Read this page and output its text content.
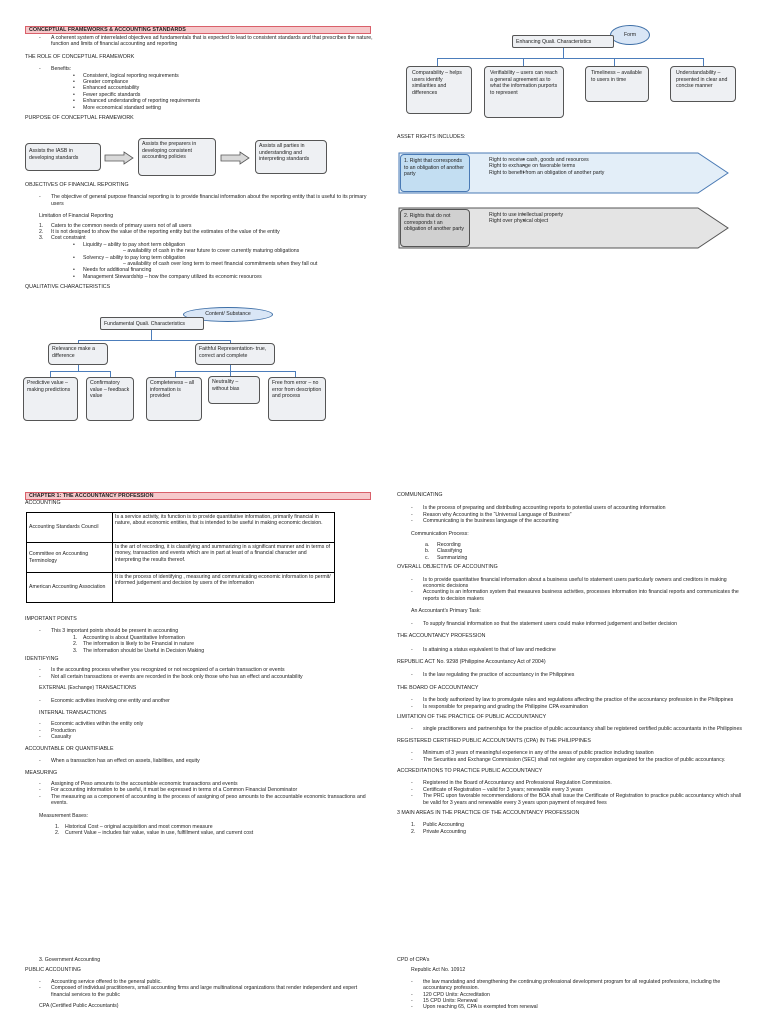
CONCEPTUAL FRAMEWORKS & ACCOUNTING STANDARDS
- A coherent system of interrelated objectives ad fundamentals that is expected to lead to consistent standards and that prescribes the nature, function and limits of financial accounting and reporting
THE ROLE OF CONCEPTUAL FRAMEWORK
- Benefits:
• Consistent, logical reporting requirements
• Greater compliance
• Enhanced accountability
• Fewer specific standards
• Enhanced understanding of reporting requirements
• More economical standard setting
PURPOSE OF CONCEPTUAL FRAMEWORK
Assists the IASB in developing standards
Assists the preparers in developing consistent accounting policies
Assists all parties in understanding and interpreting standards
OBJECTIVES OF FINANCIAL REPORTING
- The objective of general purpose financial reporting is to provide financial information about the reporting entity that is useful to its primary users
Limitation of Financial Reporting
1. Caters to the common needs of primary users not of all users
2. It is not designed to show the value of the reporting entity but the estimates of the value of the entity
3. Cost constraint
• Liquidity – ability to pay short term obligation
– availability of cash in the near future to cover currently maturing obligations
• Solvency – ability to pay long term obligation
– availability of cash over long term to meet financial commitments when they fall out
• Needs for additional financing
• Management Stewardship – how the company utilized its economic resources
QUALITATIVE CHARACTERISTICS
Content/ Substance
Fundamental Quali. Characteristics
Relevance make a difference
Faithful Representation- true, correct and complete
Predictive value – making predictions
Confirmatory value – feedback value
Completeness – all information is provided
Neutrality – without bias
Free from error – no error from description and process
Form
Enhancing Quali. Characteristics
Comparability – helps users identify similarities and differences
Verifiability – users can reach a general agreement as to what the information purports to represent
Timeliness – available to users in time
Understandability – presented in clear and concise manner
ASSET RIGHTS INCLUDES:
1. Right that corresponds to an obligation of another party
• Right to receive cash, goods and resources
• Right to exchange on favorable terms
• Right to benefit from an obligation of another party
2. Rights that do not corresponds t an obligation of another party
• Right to use intellectual property
• Right over physical object
CHAPTER 1: THE ACCOUNTANCY PROFESSION
ACCOUNTING
Accounting Standards Council	Is a service activity, its function is to provide quantitative information, primarily financial in nature, about economic entities, that is intended to be useful in making economic decision.
Committee on Accounting Terminology	Is the art of recording, it is classifying and summarizing in a significant manner and in terms of money, transaction and events which are in part at least of a financial character and interpreting the results thereof.
American Accounting Association	It is the process of identifying , measuring and communicating economic information to permit/ informed judgement and decision by users of the information
IMPORTANT POINTS
- This 3 important points should be present in accounting
1. Accounting is about Quantitative Information
2. The information is likely to be Financial in nature
3. The information should be Useful in Decision Making
IDENTIFYING
- Is the accounting process whether you recognized or not recognized of a certain transaction or events
- Not all certain transactions or events are recorded in the book only those who has an effect and accountability
EXTERNAL (Exchange) TRANSACTIONS
- Economic activities involving one entity and another
INTERNAL TRANSACTIONS
- Economic activities within the entity only
- Production
- Casualty
ACCOUNTABLE OR QUANTIFIABLE
- When a transaction has an effect on assets, liabilities, and equity
MEASURING
- Assigning of Peso amounts to the accountable economic transactions and events
- For accounting information to be useful, it must be expressed in terms of a Common Financial Denominator
- The measuring as a component of accounting is the process of assigning of peso amounts to the accountable economic transactions and events.
Measurement Bases:
1. Historical Cost – original acquisition and most common measure
2. Current Value – includes fair value, value in use, fulfillment value, and current cost
COMMUNICATING
- Is the process of preparing and distributing accounting reports to potential users of accounting information
- Reason why Accounting is the “Universal Language of Business”
- Communicating is the business language of the accounting
Communication Process:
a. Recording
b. Classifying
c. Summarizing
OVERALL OBJECTIVE OF ACCOUNTING
- Is to provide quantitative financial information about a business useful to statement users particularly owners and creditors in making economic decisions
- Accounting is an information system that measures business activities, processes information into financial reports and communicates the reports to decision makers
An Accountant’s Primary Task:
- To supply financial information so that the statement users could make informed judgement and better decision
THE ACCOUNTANCY PROFESSION
- Is attaining a status equivalent to that of law and medicine
REPUBLIC ACT No. 9298 (Philippine Accountancy Act of 2004)
- Is the law regulating the practice of accountancy in the Philippines
THE BOARD OF ACCOUNTANCY
- Is the body authorized by law to promulgate rules and regulations affecting the practice of the accountancy profession in the Philippines
- Is responsible for preparing and grading the Philippine CPA examination
LIMITATION OF THE PRACTICE OF PUBLIC ACCOUNTANCY
- single practitioners and partnerships for the practice of public accountancy shall be registered certified public accountants in the Philippines
REGISTERED CERTIFIED PUBLIC ACCOUNTANTS (CPA) IN THE PHILIPPINES
- Minimum of 3 years of meaningful experience in any of the areas of public practice including taxation
- The Securities and Exchange Commission (SEC) shall not register any corporation organized for the practice of public accountancy.
ACCREDITATIONS TO PRACTICE PUBLIC ACCOUNTANCY
- Registered in the Board of Accountancy and Professional Regulation Commission.
- Certificate of Registration – valid for 3 years; renewable every 3 years
- The PRC upon favorable recommendations of the BOA shall issue the Certificate of Registration to practice public accountancy which shall be valid for 3 years and renewable every 3 years upon payment of required fees
3 MAIN AREAS IN THE PRACTICE OF THE ACCOUNTANCY PROFESSION
1. Public Accounting
2. Private Accounting
3. Government Accounting
PUBLIC ACCOUNTING
- Accounting service offered to the general public.
- Composed of individual practitioners, small accounting firms and large multinational organizations that render independent and expert financial services to the public
CPA (Certified Public Accountants)
CPD of CPA’s
Republic Act No. 10912
- the law mandating and strengthening the continuing professional development program for all regulated professions, including the accountancy profession.
- 120 CPD Units: Accreditation
- 15 CPD Units: Renewal
- Upon reaching 65, CPA is exempted from renewal
